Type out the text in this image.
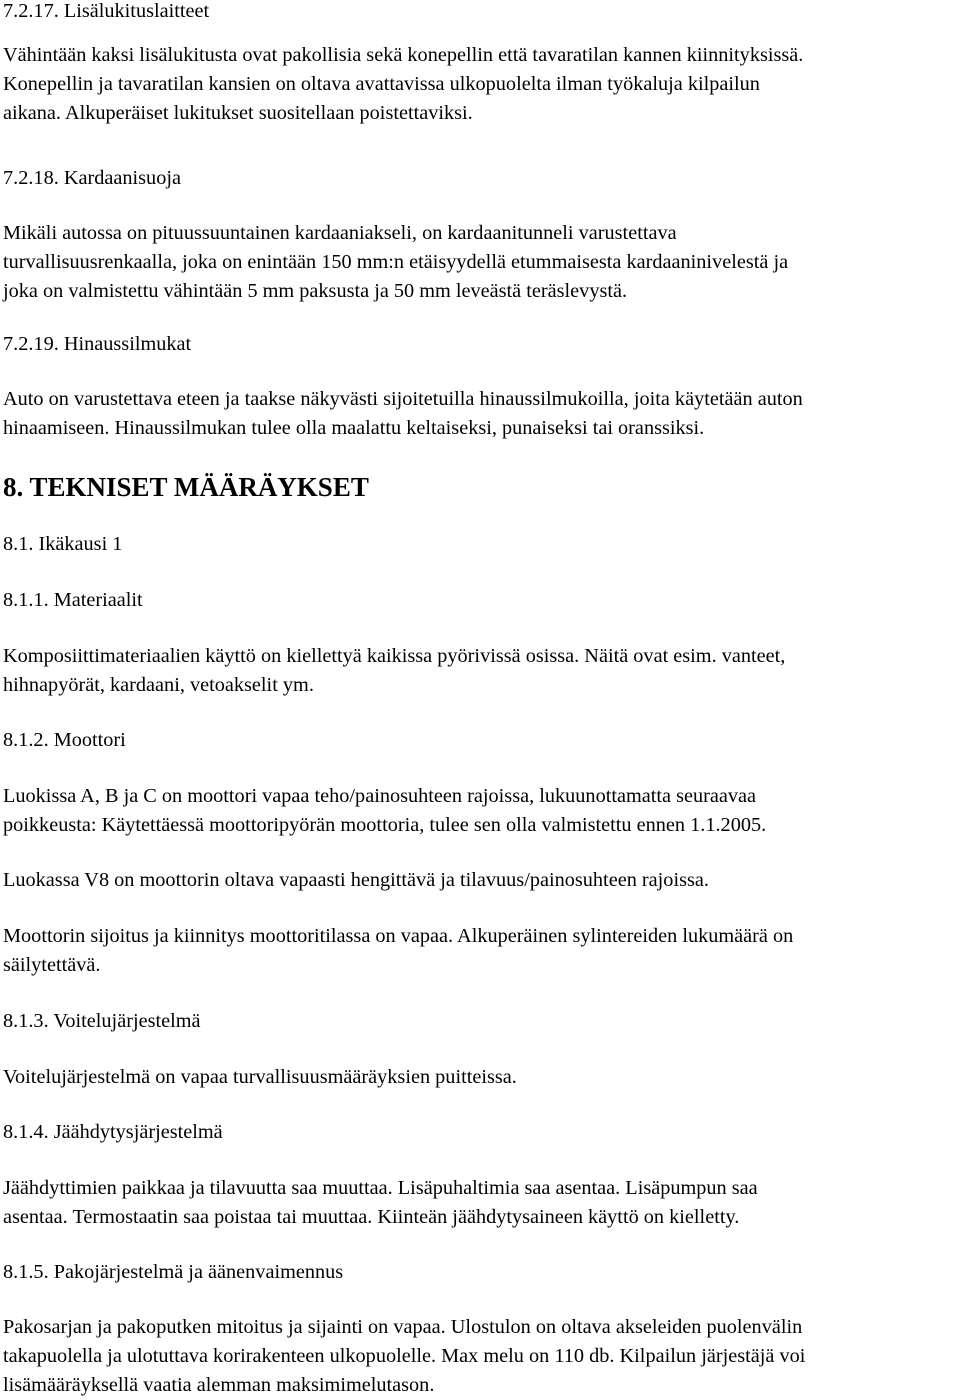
7.2.17. Lisälukituslaitteet

Vähintään kaksi lisälukitusta ovat pakollisia sekä konepellin että tavaratilan kannen kiinnityksissä.
Konepellin ja tavaratilan kansien on oltava avattavissa ulkopuolelta ilman työkaluja kilpailun
aikana. Alkuperäiset lukitukset suositellaan poistettaviksi.

7.2.18. Kardaanisuoja

Mikäli autossa on pituussuuntainen kardaaniakseli, on kardaanitunneli varustettava
turvallisuusrenkaalla, joka on enintään 150 mm:n etäisyydellä etummaisesta kardaaninivelestä ja
joka on valmistettu vähintään 5 mm paksusta ja 50 mm leveästä teräslevystä.

7.2.19. Hinaussilmukat

Auto on varustettava eteen ja taakse näkyvästi sijoitetuilla hinaussilmukoilla, joita käytetään auton
hinaamiseen. Hinaussilmukan tulee olla maalattu keltaiseksi, punaiseksi tai oranssiksi.

8. TEKNISET MÄÄRÄYKSET

8.1. Ikäkausi 1

8.1.1. Materiaalit

Komposiittimateriaalien käyttö on kiellettyä kaikissa pyörivissä osissa. Näitä ovat esim. vanteet,
hihnapyörät, kardaani, vetoakselit ym.

8.1.2. Moottori

Luokissa A, B ja C on moottori vapaa teho/painosuhteen rajoissa, lukuunottamatta seuraavaa
poikkeusta: Käytettäessä moottoripyörän moottoria, tulee sen olla valmistettu ennen 1.1.2005.

Luokassa V8 on moottorin oltava vapaasti hengittävä ja tilavuus/painosuhteen rajoissa.

Moottorin sijoitus ja kiinnitys moottoritilassa on vapaa. Alkuperäinen sylintereiden lukumäärä on
säilytettävä.

8.1.3. Voitelujärjestelmä

Voitelujärjestelmä on vapaa turvallisuusmääräyksien puitteissa.

8.1.4. Jäähdytysjärjestelmä

Jäähdyttimien paikkaa ja tilavuutta saa muuttaa. Lisäpuhaltimia saa asentaa. Lisäpumpun saa
asentaa. Termostaatin saa poistaa tai muuttaa. Kiinteän jäähdytysaineen käyttö on kielletty.

8.1.5. Pakojärjestelmä ja äänenvaimennus

Pakosarjan ja pakoputken mitoitus ja sijainti on vapaa. Ulostulon on oltava akseleiden puolenvälin
takapuolella ja ulotuttava korirakenteen ulkopuolelle. Max melu on 110 db. Kilpailun järjestäjä voi
lisämääräyksellä vaatia alemman maksimimelutason.
